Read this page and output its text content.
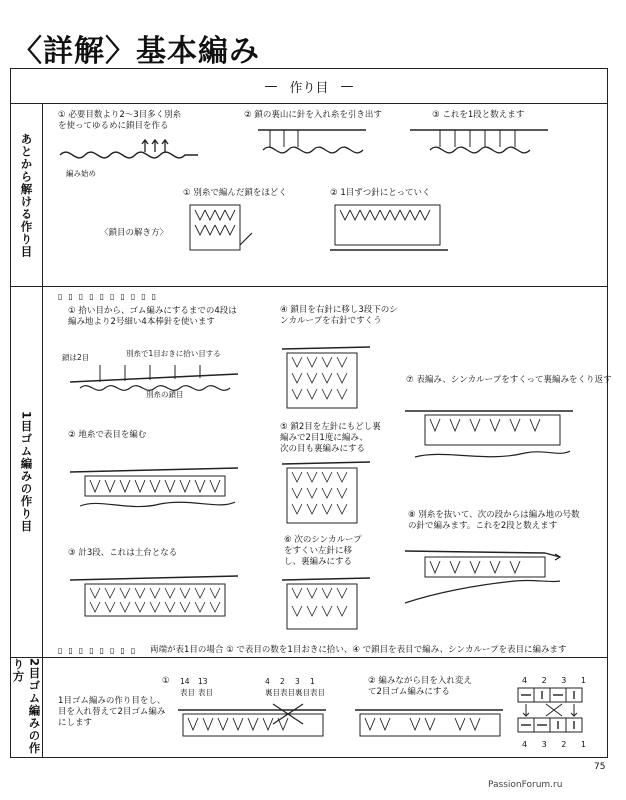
〈詳解〉基本編み
— 作り目 —
あとから解ける作り目
1目ゴム編みの作り目
2目ゴム編みの作り方
① 必要目数より2〜3目多く別糸
を使ってゆるめに鎖目を作る
編み始め
② 鎖の裏山に針を入れ糸を引き出す	③ これを1段と数えます
〈鎖目の解き方〉
① 別糸で編んだ鎖をほどく	② 1目ずつ針にとっていく
▯▯▯▯▯▯▯▯▯▯
① 拾い目から、ゴム編みにするまでの4段は
編み地より2号細い4本棒針を使います
鎖は2目	別糸で1目おきに拾い目する
別糸の鎖目
② 地糸で表目を編む
③ 計3段、これは土台となる
④ 鎖目を右針に移し3段下のシ
ンカループを右針ですくう
⑤ 鎖2目を左針にもどし裏
編みで2目1度に編み、
次の目も裏編みにする
⑥ 次のシンカループ
をすくい左針に移
し、裏編みにする
⑦ 表編み、シンカループをすくって裏編みをくり返す
⑧ 別糸を抜いて、次の段からは編み地の号数
の針で編みます。これを2段と数えます
▯▯▯▯▯▯▯▯ 両端が表1目の場合 ① で表目の数を1目おきに拾い、④ で鎖目を表目で編み、シンカループを表目に編みます
1目ゴム編みの作り目をし、
目を入れ替えて2目ゴム編み
にします
① 14
表目
13
表目
4
裏目
2
表目
3
裏目
1
表目
② 編みながら目を入れ変え
て2目ゴム編みにする
4 2 3 1
4 3 2 1
75
PassionForum.ru
